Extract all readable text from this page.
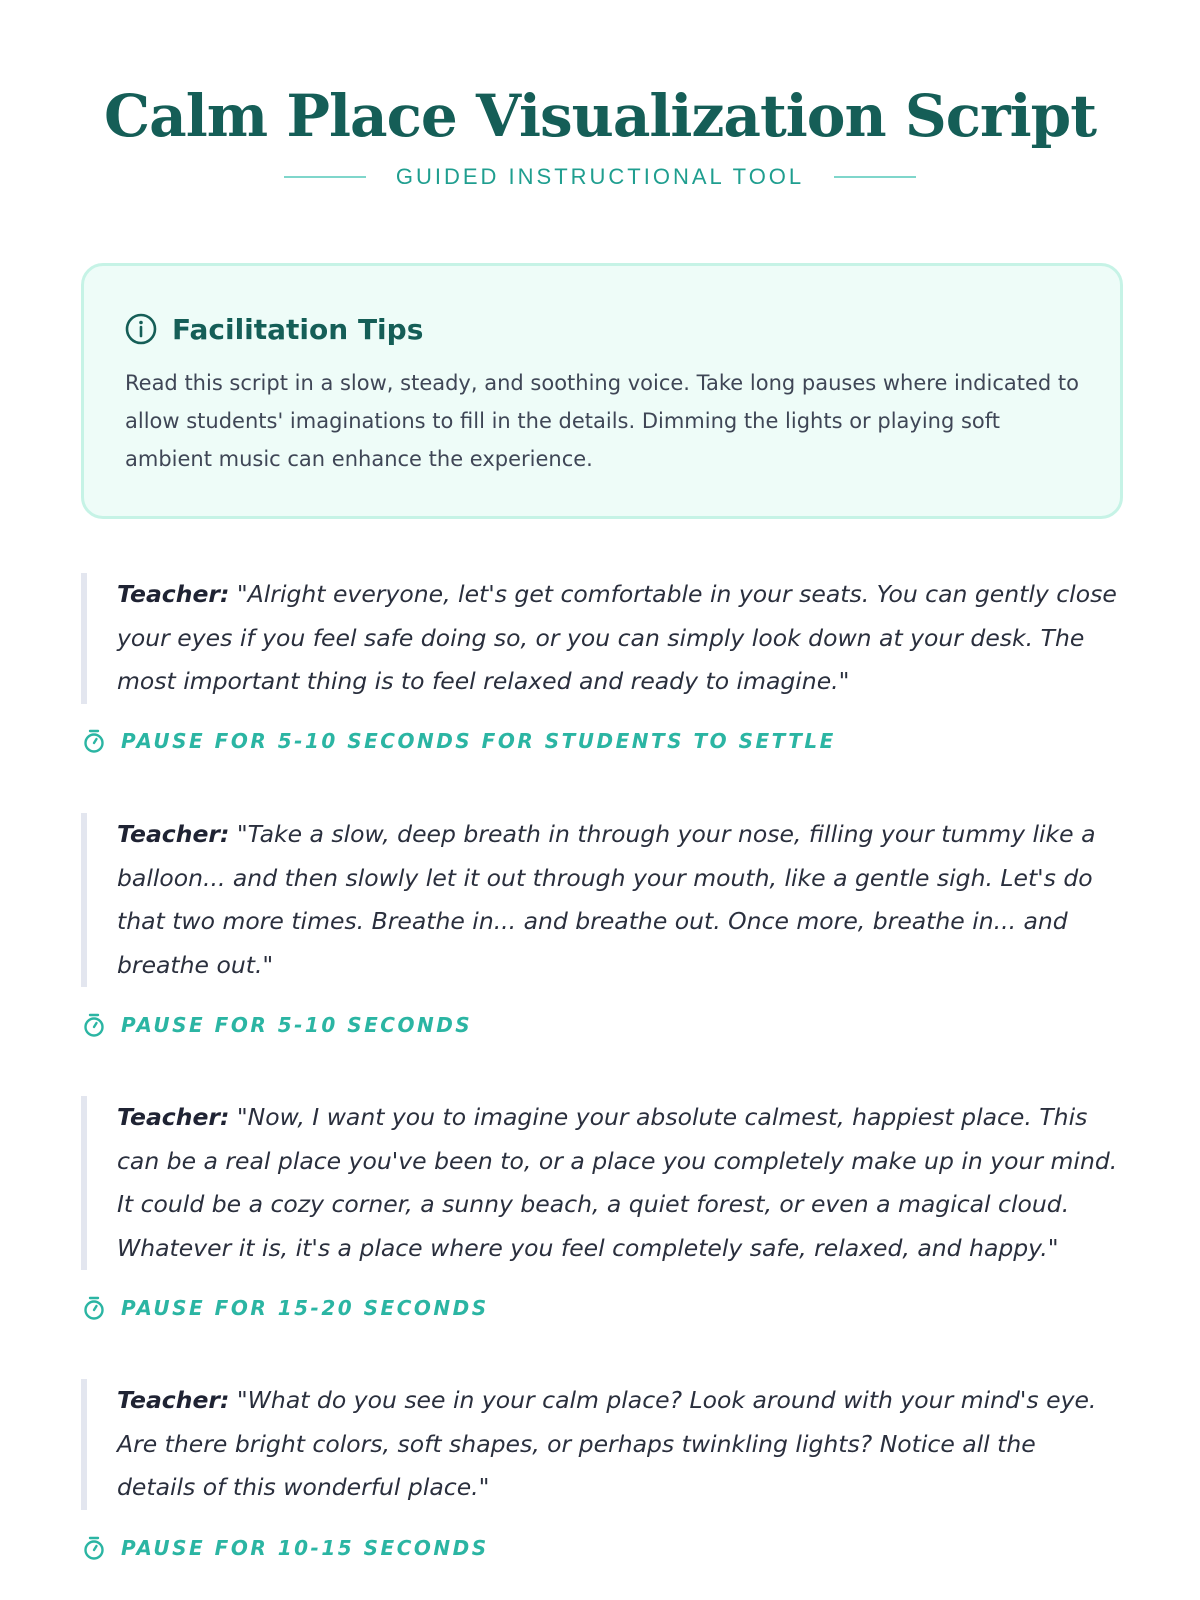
Calm Place Visualization Script
GUIDED INSTRUCTIONAL TOOL
Facilitation Tips

Read this script in a slow, steady, and soothing voice. Take long pauses where indicated to allow students' imaginations to fill in the details. Dimming the lights or playing soft ambient music can enhance the experience.

Teacher: "Alright everyone, let's get comfortable in your seats. You can gently close your eyes if you feel safe doing so, or you can simply look down at your desk. The most important thing is to feel relaxed and ready to imagine."
PAUSE FOR 5-10 SECONDS FOR STUDENTS TO SETTLE
Teacher: "Take a slow, deep breath in through your nose, filling your tummy like a balloon... and then slowly let it out through your mouth, like a gentle sigh. Let's do that two more times. Breathe in... and breathe out. Once more, breathe in... and breathe out."
PAUSE FOR 5-10 SECONDS
Teacher: "Now, I want you to imagine your absolute calmest, happiest place. This can be a real place you've been to, or a place you completely make up in your mind. It could be a cozy corner, a sunny beach, a quiet forest, or even a magical cloud. Whatever it is, it's a place where you feel completely safe, relaxed, and happy."
PAUSE FOR 15-20 SECONDS
Teacher: "What do you see in your calm place? Look around with your mind's eye. Are there bright colors, soft shapes, or perhaps twinkling lights? Notice all the details of this wonderful place."
PAUSE FOR 10-15 SECONDS
